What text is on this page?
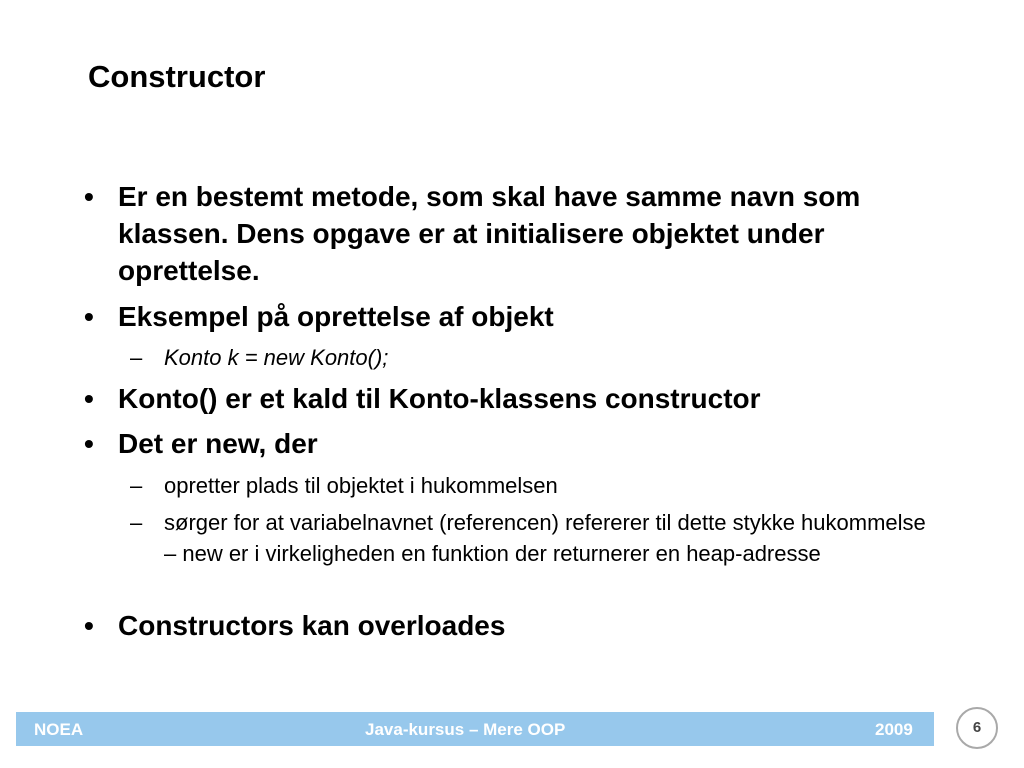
Constructor
• Er en bestemt metode, som skal have samme navn som klassen. Dens opgave er at initialisere objektet under oprettelse.
• Eksempel på oprettelse af objekt
– Konto k = new Konto();
• Konto() er et kald til Konto-klassens constructor
• Det er new, der
– opretter plads til objektet i hukommelsen
– sørger for at variabelnavnet (referencen) refererer til dette stykke hukommelse – new er i virkeligheden en funktion der returnerer en heap-adresse
• Constructors kan overloades
NOEA	Java-kursus – Mere OOP	2009	6
